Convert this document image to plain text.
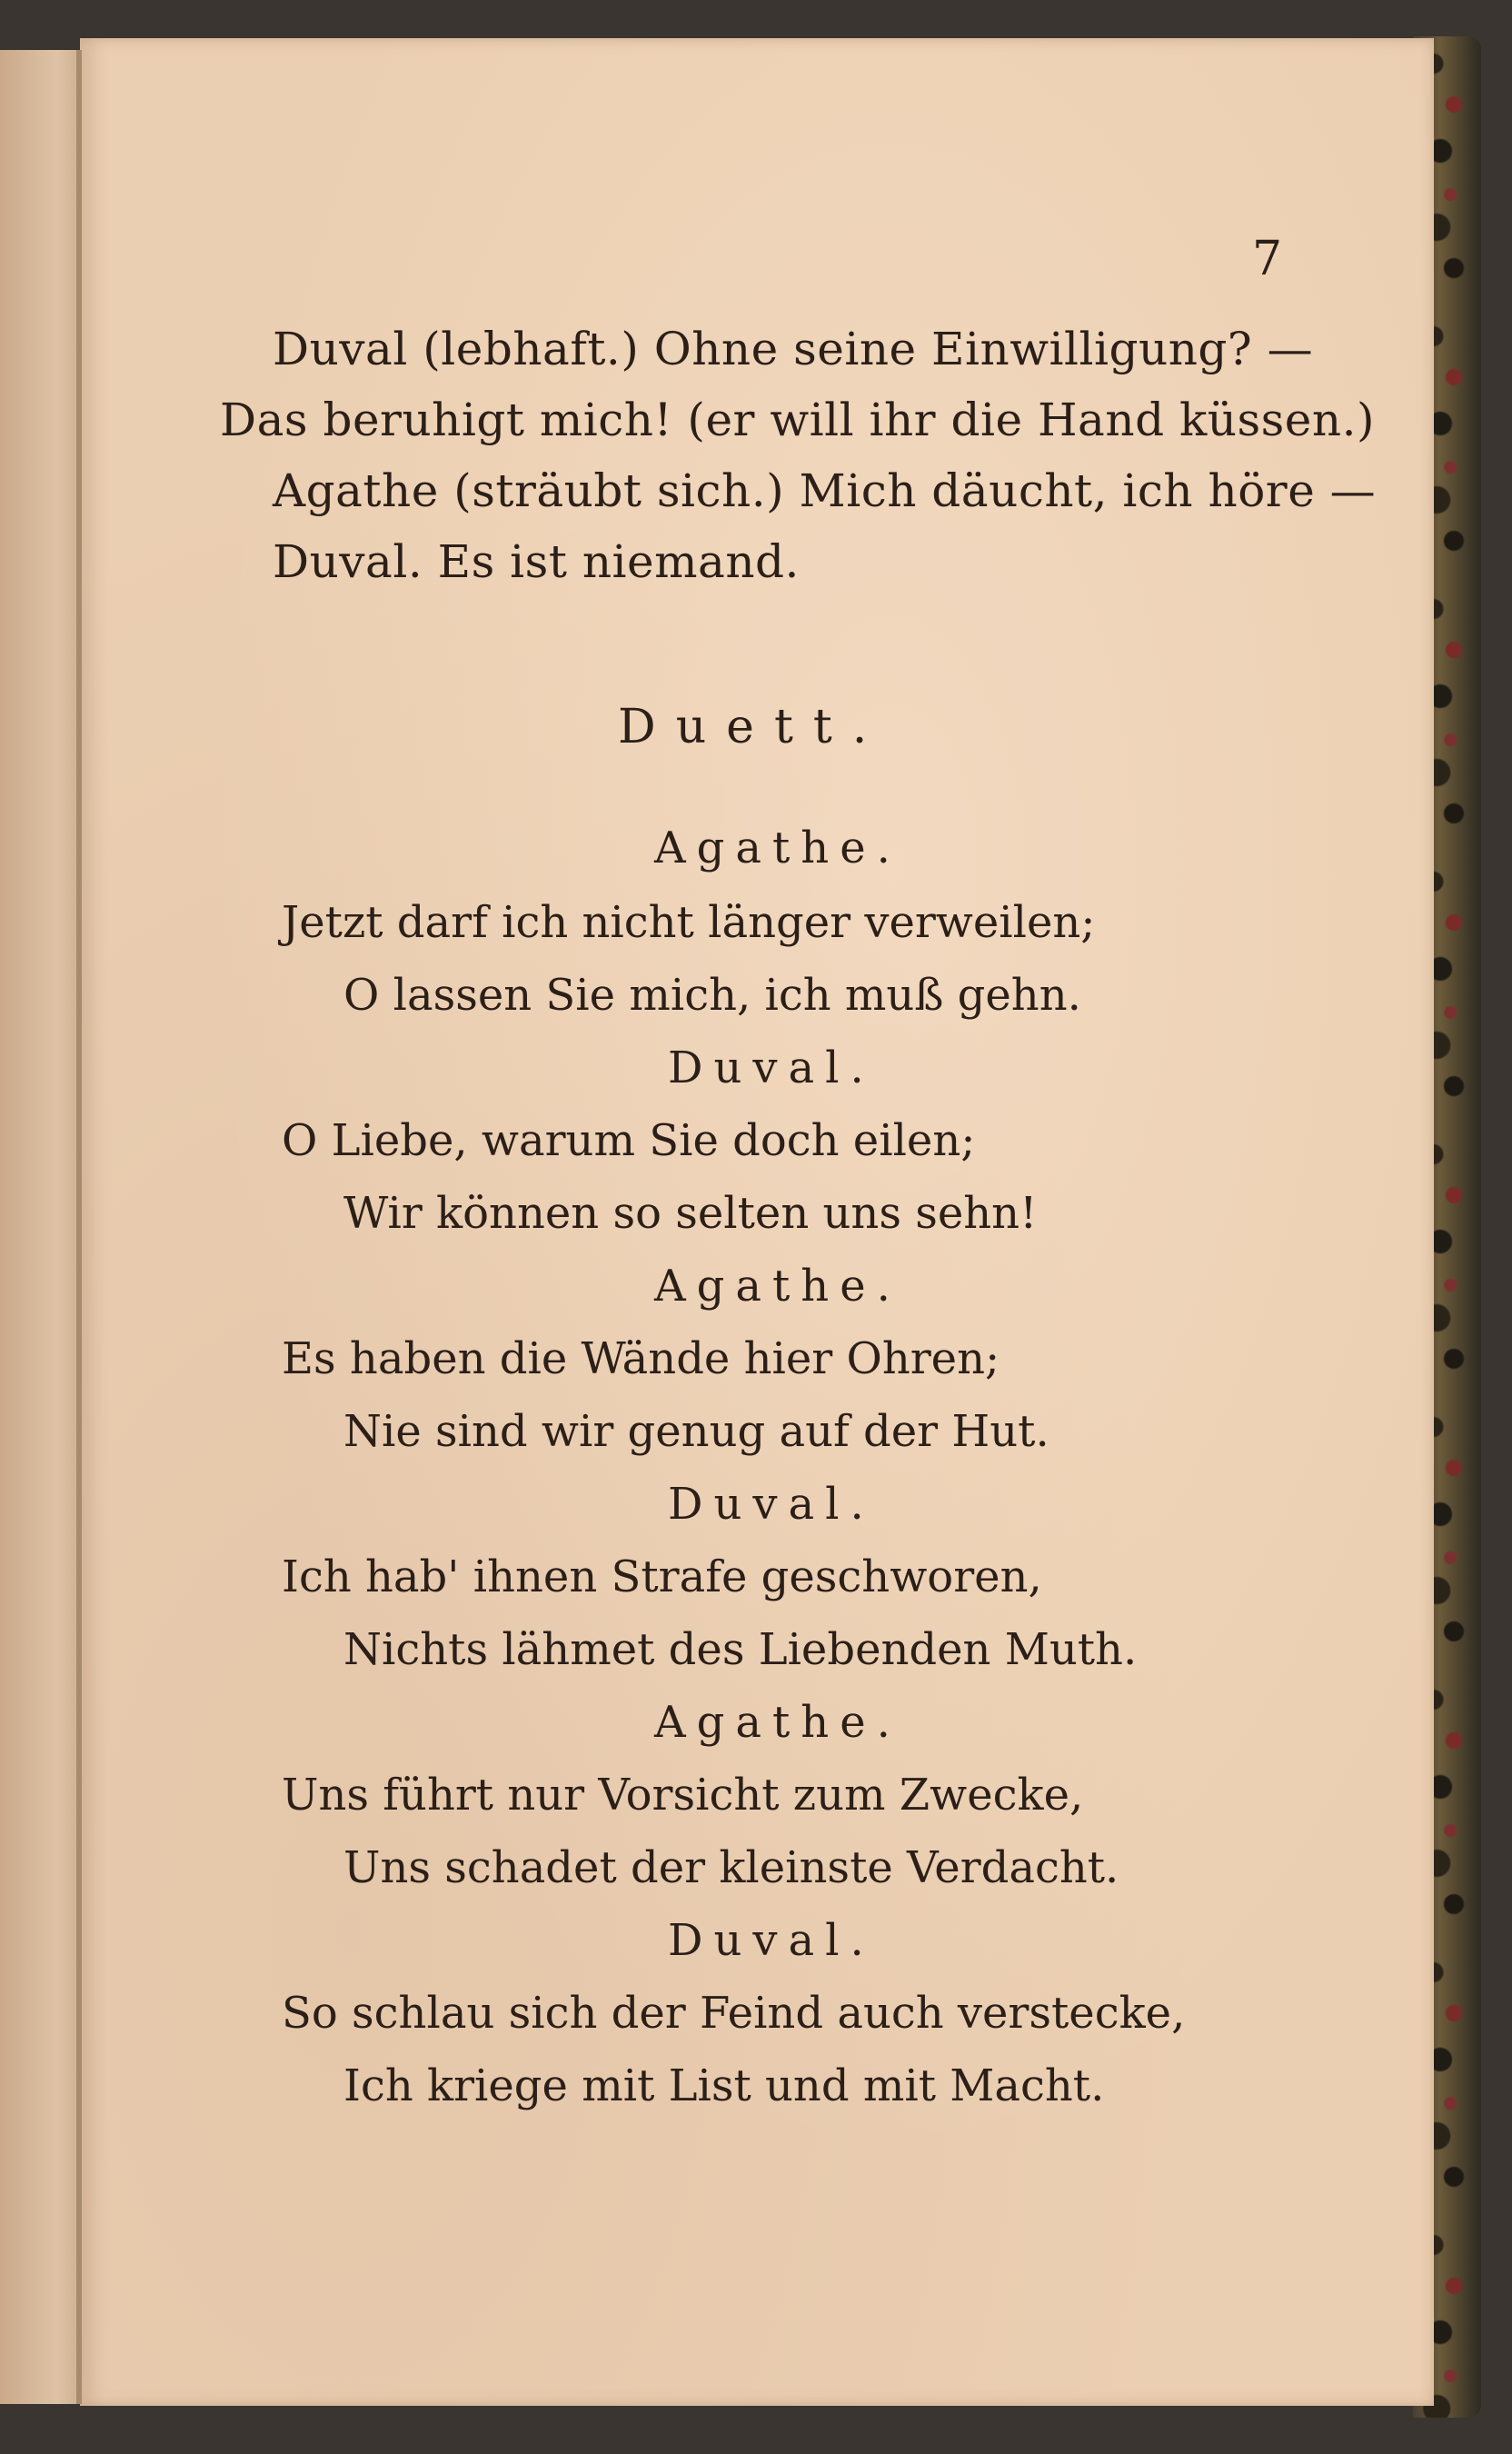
7
Duval (lebhaft.) Ohne seine Einwilligung? —
Das beruhigt mich! (er will ihr die Hand küssen.)
Agathe (sträubt sich.) Mich däucht, ich höre —
Duval. Es ist niemand.
Duett.
Agathe.
Jetzt darf ich nicht länger verweilen;
O lassen Sie mich, ich muß gehn.
Duval.
O Liebe, warum Sie doch eilen;
Wir können so selten uns sehn!
Agathe.
Es haben die Wände hier Ohren;
Nie sind wir genug auf der Hut.
Duval.
Ich hab' ihnen Strafe geschworen,
Nichts lähmet des Liebenden Muth.
Agathe.
Uns führt nur Vorsicht zum Zwecke,
Uns schadet der kleinste Verdacht.
Duval.
So schlau sich der Feind auch verstecke,
Ich kriege mit List und mit Macht.
